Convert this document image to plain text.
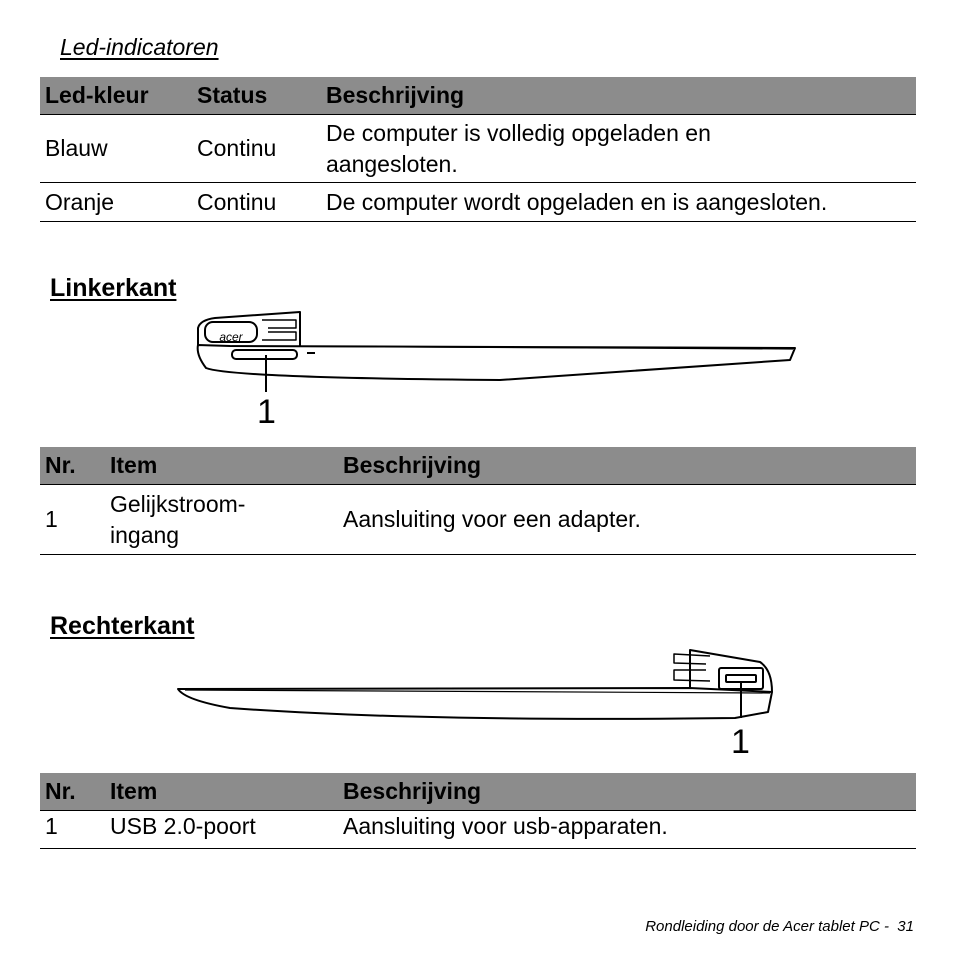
Led-indicatoren
Led-kleur	Status	Beschrijving
Blauw	Continu	De computer is volledig opgeladen en aangesloten.
Oranje	Continu	De computer wordt opgeladen en is aangesloten.
Linkerkant
acer
1
Nr.	Item	Beschrijving
1	Gelijkstroom-ingang	Aansluiting voor een adapter.
Rechterkant
1
Nr.	Item	Beschrijving
1	USB 2.0-poort	Aansluiting voor usb-apparaten.
Rondleiding door de Acer tablet PC -  31
